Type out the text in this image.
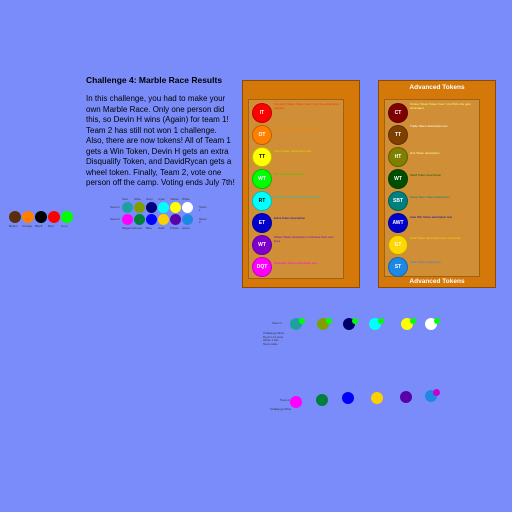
Challenge 4: Marble Race Results
In this challenge, you had to make your own Marble Race. Only one person did this, so Devin H wins (Again) for team 1! Team 2 has still not won 1 challenge. Also, there are now tokens! All of Team 1 gets a Win Token, Devin H gets an extra Disqualify Token, and DavidRycan gets a wheel token. Finally, Team 2, vote one person off the camp. Voting ends July 7th!
Brown Orange Black Red Lime
Team 1
Team 2
Team 1
Team 2
Teal Olive Navy Cyan Yellow White
Magenta Green Blue Gold Purple Azure
IT
Immunity Token Token Cost = pts the explanation needed
OT
Other Token lines of description text here
TT
Team Token description text
WT
Win Token description
RT
Reward Token description text line
ET
Extra Token description
WT
Wheel Token description continues here over lines
DQT
Disqualify Token description text
Advanced Tokens
CT
Choice Token Token Cost = pts Pick who gets eliminated
TT
Trade Token description text
HT
Hint Token description
WT
Ward Token description
SBT
Swap Team Token description
AWT
Auto Win Token description text
GT
Gold Token description text more lines
ST
Steal Token description
Advanced Tokens
Team 1
Challenge Wins
Devin H 2 wins
Other 1 win
Team stats
Team 2
Challenge Wins
